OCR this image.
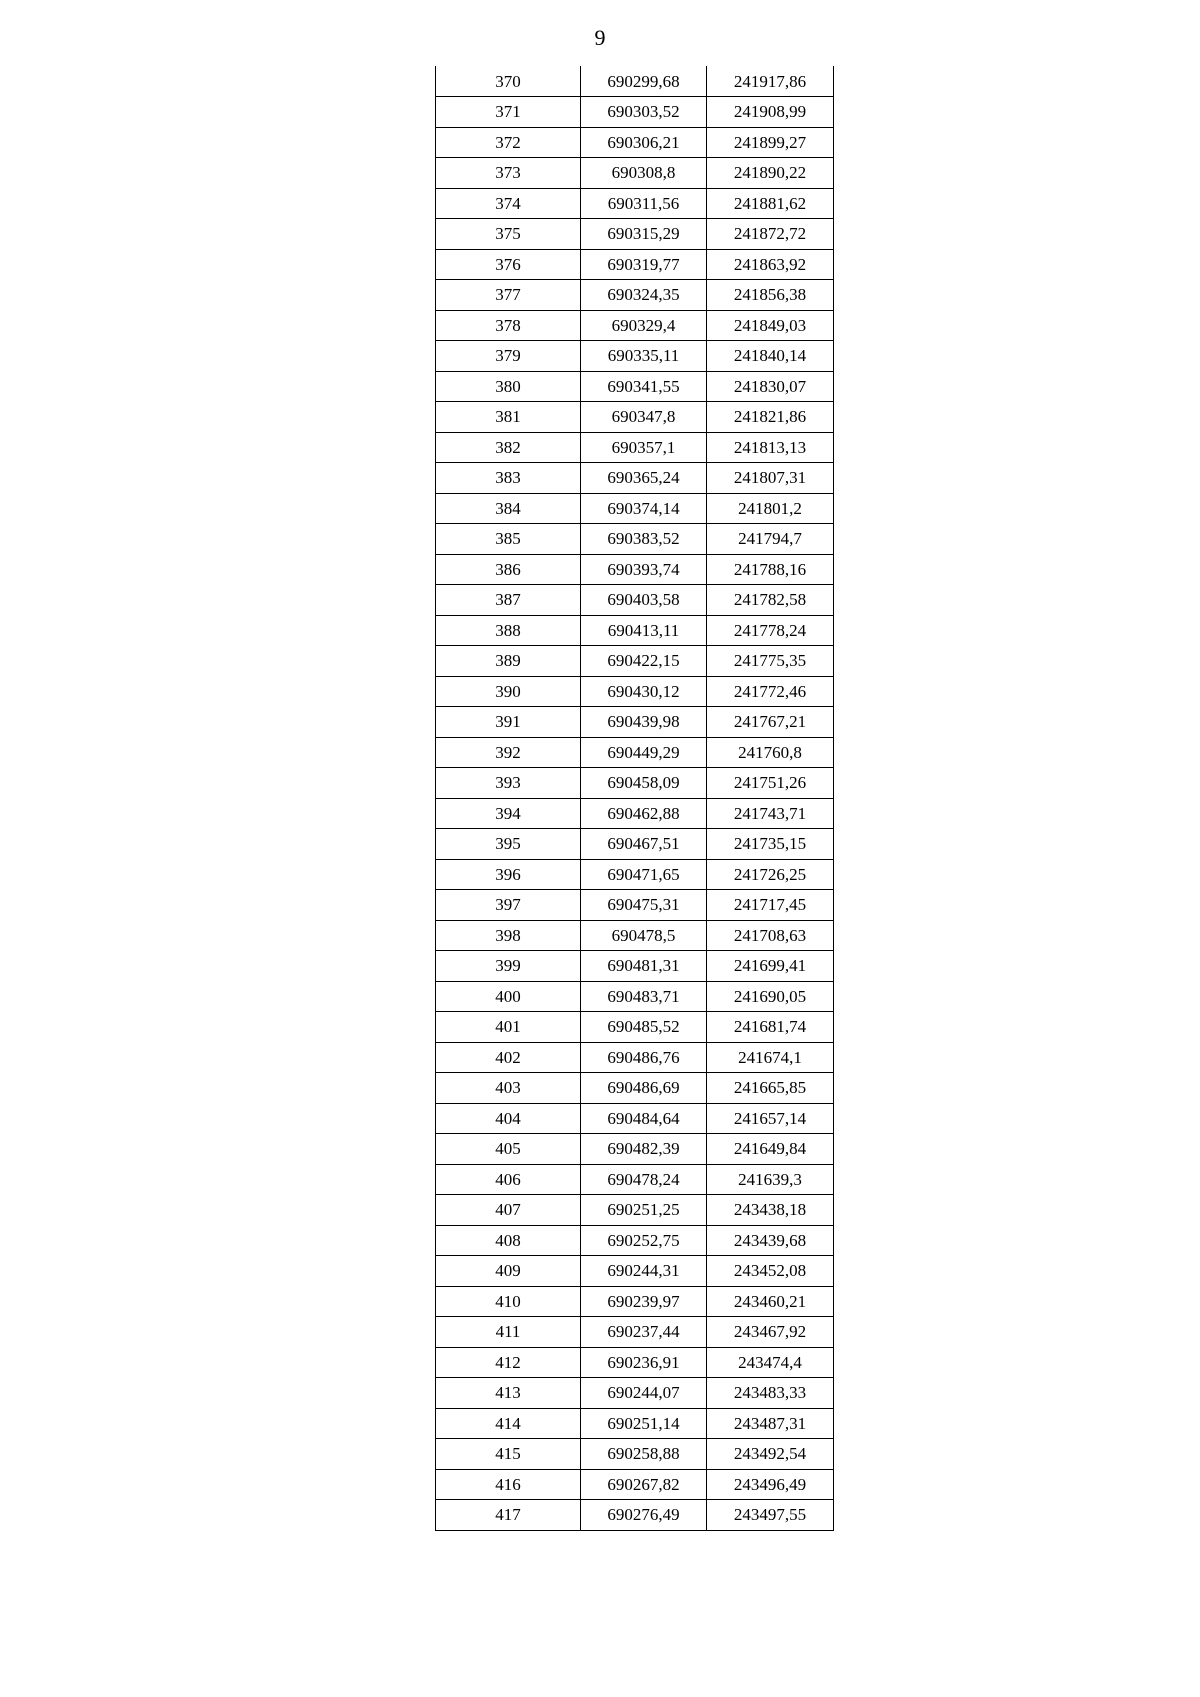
9
370	690299,68	241917,86
371	690303,52	241908,99
372	690306,21	241899,27
373	690308,8	241890,22
374	690311,56	241881,62
375	690315,29	241872,72
376	690319,77	241863,92
377	690324,35	241856,38
378	690329,4	241849,03
379	690335,11	241840,14
380	690341,55	241830,07
381	690347,8	241821,86
382	690357,1	241813,13
383	690365,24	241807,31
384	690374,14	241801,2
385	690383,52	241794,7
386	690393,74	241788,16
387	690403,58	241782,58
388	690413,11	241778,24
389	690422,15	241775,35
390	690430,12	241772,46
391	690439,98	241767,21
392	690449,29	241760,8
393	690458,09	241751,26
394	690462,88	241743,71
395	690467,51	241735,15
396	690471,65	241726,25
397	690475,31	241717,45
398	690478,5	241708,63
399	690481,31	241699,41
400	690483,71	241690,05
401	690485,52	241681,74
402	690486,76	241674,1
403	690486,69	241665,85
404	690484,64	241657,14
405	690482,39	241649,84
406	690478,24	241639,3
407	690251,25	243438,18
408	690252,75	243439,68
409	690244,31	243452,08
410	690239,97	243460,21
411	690237,44	243467,92
412	690236,91	243474,4
413	690244,07	243483,33
414	690251,14	243487,31
415	690258,88	243492,54
416	690267,82	243496,49
417	690276,49	243497,55
